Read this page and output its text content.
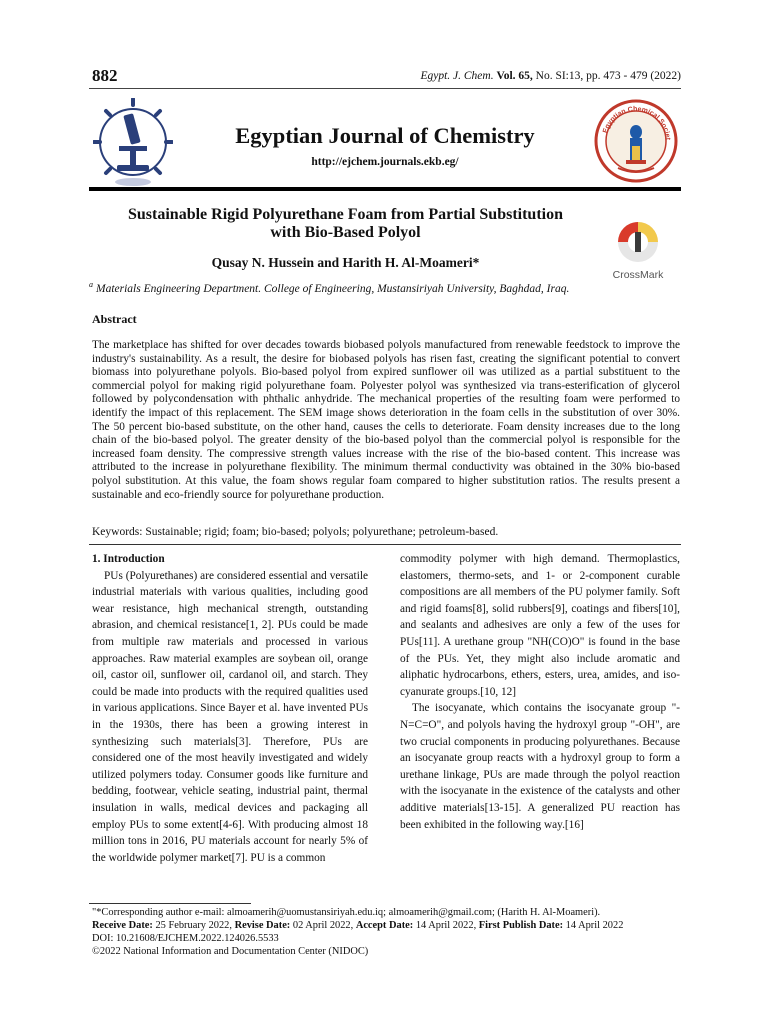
882	Egypt. J. Chem. Vol. 65, No. SI:13, pp. 473 - 479 (2022)
Egyptian Journal of Chemistry
http://ejchem.journals.ekb.eg/
Egyptian Chemical Societ
Sustainable Rigid Polyurethane Foam from Partial Substitution
with Bio-Based Polyol
Qusay N. Hussein and Harith H. Al-Moameri*
CrossMark
$^a$ Materials Engineering Department. College of Engineering, Mustansiriyah University, Baghdad, Iraq.
Abstract
The marketplace has shifted for over decades towards biobased polyols manufactured from renewable feedstock to improve the industry's sustainability. As a result, the desire for biobased polyols has risen fast, creating the significant potential to convert biomass into polyurethane polyols. Bio-based polyol from expired sunflower oil was utilized as a partial substituent to the commercial polyol for making rigid polyurethane foam. Polyester polyol was synthesized via trans-esterification of glycerol followed by polycondensation with phthalic anhydride. The mechanical properties of the resulting foam were performed to identify the impact of this replacement. The SEM image shows deterioration in the foam cells in the substitution of over 30%. The 50 percent bio-based substitute, on the other hand, causes the cells to deteriorate. Foam density increases due to the long chain of the bio-based polyol. The greater density of the bio-based polyol than the commercial polyol is responsible for the increased foam density. The compressive strength values increase with the rise of the bio-based content. This increase was attributed to the increase in polyurethane flexibility. The minimum thermal conductivity was obtained in the 30% bio-based polyol substitution. At this value, the foam shows regular foam compared to higher substitution ratios. The results present a sustainable and eco-friendly source for polyurethane production.
Keywords: Sustainable; rigid; foam; bio-based; polyols; polyurethane; petroleum-based.

1. Introduction

PUs (Polyurethanes) are considered essential and versatile industrial materials with various qualities, including good wear resistance, high mechanical strength, outstanding abrasion, and chemical resistance[1, 2]. PUs could be made from multiple raw materials and processed in various approaches. Raw material examples are soybean oil, orange oil, castor oil, sunflower oil, cardanol oil, and starch. They could be made into products with the required qualities used in various applications. Since Bayer et al. have invented PUs in the 1930s, there has been a growing interest in synthesizing such materials[3]. Therefore, PUs are considered one of the most heavily investigated and widely utilized polymers today. Consumer goods like furniture and bedding, footwear, vehicle seating, industrial paint, thermal insulation in walls, medical devices and packaging all employ PUs to some extent[4-6]. With producing almost 18 million tons in 2016, PU materials account for nearly 5% of the worldwide polymer market[7]. PU is a common

commodity polymer with high demand. Thermoplastics, elastomers, thermo-sets, and 1- or 2-component curable compositions are all members of the PU polymer family. Soft and rigid foams[8], solid rubbers[9], coatings and fibers[10], and sealants and adhesives are only a few of the uses for PUs[11]. A urethane group "NH(CO)O" is found in the base of the PUs. Yet, they might also include aromatic and aliphatic hydrocarbons, ethers, esters, urea, amides, and iso-cyanurate groups.[10, 12]

The isocyanate, which contains the isocyanate group "-N=C=O", and polyols having the hydroxyl group "-OH", are two crucial components in producing polyurethanes. Because an isocyanate group reacts with a hydroxyl group to form a urethane linkage, PUs are made through the polyol reaction with the isocyanate in the existence of the catalysts and other additive materials[13-15]. A generalized PU reaction has been exhibited in the following way.[16]

"*Corresponding author e-mail: almoamerih@uomustansiriyah.edu.iq; almoamerih@gmail.com; (Harith H. Al-Moameri).

Receive Date: 25 February 2022, Revise Date: 02 April 2022, Accept Date: 14 April 2022, First Publish Date: 14 April 2022

DOI: 10.21608/EJCHEM.2022.124026.5533

©2022 National Information and Documentation Center (NIDOC)
